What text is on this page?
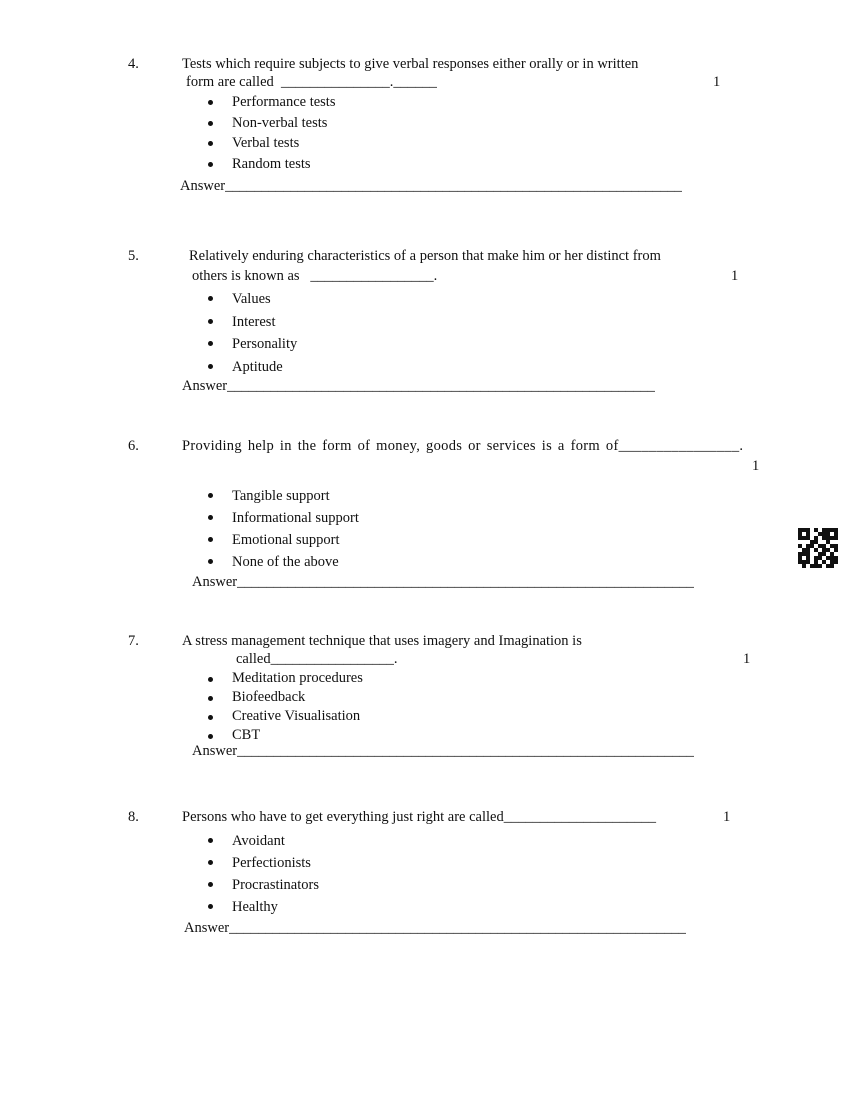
4.	Tests which require subjects to give verbal responses either orally or in written
form are called  _______________.______	1
Performance tests
Non-verbal tests
Verbal tests
Random tests
Answer_______________________________________________________________
5.	Relatively enduring characteristics of a person that make him or her distinct from
others is known as   _________________.	1
Values
Interest
Personality
Aptitude
Answer___________________________________________________________
6.	Providing help in the form of money, goods or services is a form of________________.
1
Tangible support
Informational support
Emotional support
None of the above
Answer_______________________________________________________________
7.	A stress management technique that uses imagery and Imagination is
called_________________.	1
Meditation procedures
Biofeedback
Creative Visualisation
CBT
Answer_______________________________________________________________
8.	Persons who have to get everything just right are called_____________________	1
Avoidant
Perfectionists
Procrastinators
Healthy
Answer_______________________________________________________________
